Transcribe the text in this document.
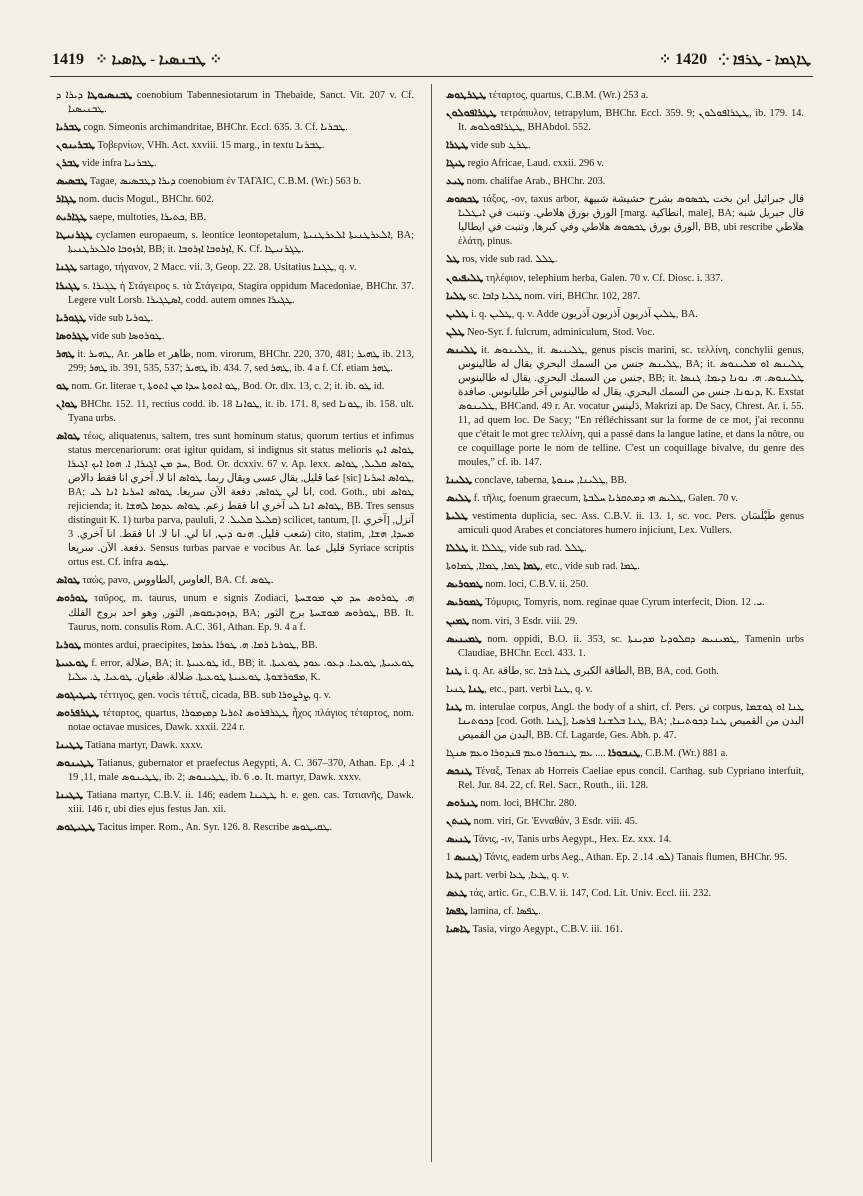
1419 ⁘ ܛܒܢܣܝܐ - ܛܐܣܝܐ ⁘	⁘ ܛܐܓܡܐ - ܛܪܦܐ ⁘   1420
ܛܒܢܣܝܘܛܐ ܕܝܪܐ ܕ coenobium Tabennesiotarum in Thebaide, Sanct. Vit. 207 v. Cf. ܛܒܢܝܣܝܐ.
ܛܒܪܝܐ cogn. Simeonis archimandritae, BHChr. Eccl. 635. 3. Cf. ܛܒܪܝܐ.
ܛܒܪܝܢܘܢ Τοβερνίων, VHh. Act. xxviii. 15 marg., in textu ܛܒܪܢܐ.
ܛܒܪܢ vide infra ܛܒܪܢܝܐ.
ܛܒܣܝܣ Tagae, ܕܝܪܐ ܕܛܒܣܝܣ coenobium ἐν ΤΑΓΑΙϹ, C.B.M. (Wr.) 563 b.
ܛܓܐܪ nom. ducis Mogul., BHChr. 602.
ܛܓܐܪܝܬ saepe, multoties, ܟܬܝܪܐ, BB.
ܛܓܪܢܝܛܐ cyclamen europaeum, s. leontice leontopetalum, ܐܠܥܪܛܢܝܬܐ ܐܠܥܪܛܢܝܬܐ, BA; ܐܪܙܘܒܐ ܘܐܠܥܪܛܢܝܬܐ, BB; it. ܐܙܪܘܒܐ ܐܙܪܘܒܐ, K. Cf. ܛܓܪܢܝܛܐ.
ܛܓܢܐ sartago, τήγανον, 2 Macc. vii. 3, Geop. 22. 28. Usitatius ܛܓܢܐ, q. v.
ܛܓܝܪܐ s. ܛܓܝܪܐ ἡ Στάγειρος s. τὰ Στάγειρα, Stagira oppidum Macedoniae, BHChr. 37. Legere vult Lorsb. ܐܣܛܓܝܪܐ, codd. autem omnes ܛܓܝܪܐ.
ܛܓܘܪܝܐ vide sub ܛܘܪܝܐ.
ܛܓܪܘܣܐ vide sub ܛܘܪܘܣܐ.
ܛܗܪ it. ܛܗܝܪ, Ar. طاهر et ظاهر, nom. virorum, BHChr. 220, 370, 481; ܛܗܝܪ ib. 213, 299; ܛܗܪ ib. 391, 535, 537; ܛܗܝܪ ib. 434. 7, sed ܛܗܪ, ib. 4 a f. Cf. etiam ܛܗܪ.
ܛܘ nom. Gr. literae τ, ܛܘ ܐܬܘܬܐ ܚܕܐ ܡܢ ܐܬܘܬܐ, Bod. Or. dlx. 13, c. 2; it. ib. ܛܘ id.
ܛܘܐܢ BHChr. 152. 11, rectius codd. ib. 18 ܛܘܐܢܐ, it. ib. 171. 8, sed ܛܘܢܐ, ib. 158. ult. Tyana urbs.
ܛܘܐܣ τέως, aliquatenus, saltem, tres sunt hominum status, quorum tertius et infimus status mercenariorum: orat igitur quidam, si indignus sit status melioris ܛܘܐܣ ܐܝܟ ܚܕ ܡܢ ܐܓܝܪܐ, ܐ. ܗܘܐ ܐܝܟ ܐܓܝܪܐ, Bod. Or. dcxxiv. 67 v. Ap. lexx. ܛܘܐܣ ܩܠܝܠ, ܛܘܐܣ عما قليل, يقال عسى ويقال ربما. ܛܘܐܣ انا لا. آخري انا فقط دالاص [sic] ܛܘܐܣ ܐܚܪܝܐ, BA; انا لي ܛܘܐܣ, دفعة الآن سريعا. ܛܘܐܣ ܐܚܪܝܐ ܐܢܐ ܠܝ, cod. Goth., ubi ܛܘܐܣ rejicienda; it. ܛܘܐܣ ܐܢܐ ܠܝ آخري انا فقط زعم. ܛܘܐܣ ܥܕܡܐ ܠܗܫܐ, BB. Tres sensus distinguit K. 1) turba parva, paululi, ܩܠܝܠ ܩܠܝܠ. 2) scilicet, tantum, [l. آخري] آنزل, شعب قليل. ܗܢܘ ܕܝܢ, انا لي. انا لا. انا فقط. انا آخري. 3) cito, statim, ܡܚܕܐ, ܗܫܐ, دفعة. الآن. سريعا. Sensus turbas parvae e vocibus Ar. قليل عما Syriace scriptis ortus est. Cf. infra ܛܘܣ.
ܛܘܐܣ ταώς, pavo, العاوس ,الطاووس, BA. Cf. ܛܘܣ.
ܛܘܪܘܣ ταῦρος, m. taurus, unum e signis Zodiaci, ܗ. ܛܘܪܘܣ ܚܕ ܡܢ ܡܘܫܚܬܐ ܕܙܘܕܝܩܘܣ, الثور, وهو احد بروج الفلك, BA; ܛܘܪܘܣ ܡܘܫܚܬܐ برج الثور, BB. It. Taurus, nom. consulis Rom. A.C. 361, Athan. Ep. 9. 4 a f.
ܛܘܪܝܐ montes ardui, praecipites, ܛܘܪܝܐ ܪܡܐ. ܗ. ܛܘܪܐ ܥܪܡܐ, BB.
ܛܘܥܝܝܬܐ f. error, ضلالة, BA; it. ܛܘܥܝܝܬܐ id., BB; it. ܛܘܥܝܝܬܐ, ܛܘܥܝܐ. ܕܥܘ. ܥܘܕ ܛܘܥܝܬܐ. ܡܦܘܪܫܘܬܐ. ܛܘܥܝܝܬܐ ܛܘܥܝܬܐ. ضلالة. طغيان. ܛܘܥܝܐ. ܛ. ܚܠܝܐ, K.
ܛܝܛܝܓܘܣ τέττιγος, gen. vocis τέττιξ, cicada, BB. sub ܨܪܨܘܪܐ, q. v.
ܛܛܪܦܪܘܣ τέταρτος, quartus, ܛܛܪܦܪܘܣ ܐܬܪܝܐ ܕܡܙܡܘܪܐ ἦχος πλάγιος τέταρτος, nom. notae octavae musices, Dawk. xxxii. 224 r.
ܛܛܝܢܐ Tatiana martyr, Dawk. xxxv.
ܛܛܝܢܘܣ Tatianus, gubernator et praefectus Aegypti, A. C. 367–370, Athan. Ep. ܐ. 4, 11, 19, male ܛܛܝܢܘܣ, ib. 2; ܛܛܝܢܘܣ, ib. ܘ. 6. It. martyr, Dawk. xxxv.
ܛܛܝܢܐ Tatiana martyr, C.B.V. ii. 146; eadem ܛܛܝܢܐ h. e. gen. cas. Τατιανῆς, Dawk. xiii. 146 r, ubi dies ejus festus Jan. xii.
ܛܛܝܛܘܣ Tacitus imper. Rom., An. Syr. 126. 8. Rescribe ܛܩܝܛܘܣ.
ܛܛܪܛܘܣ τέταρτος, quartus, C.B.M. (Wr.) 253 a.
ܛܛܪܐܦܘܠܘܢ τετράπυλον, tetrapylum, BHChr. Eccl. 359. 9; ܛܛܪܐܦܘܠܘܢ, ib. 179. 14. It. ܛܛܪܐܦܘܠܘܣ, BHAbdol. 552.
ܛܛܪܐ vide sub ܛܪܛ.
ܛܝܓܐ regio Africae, Laud. cxxii. 296 v.
ܛܝܥ nom. chalifae Arab., BHChr. 203.
ܛܟܣܘܣ τάξος, -ον, taxus arbor, قال جبرائيل ابن بخت ܛܟܣܘܣ بشرح حشيشة شبيهة الورق بورق هلاطي. وتنبت في ܐܝܛܠܝܐ [marg. انطاكية, male], BA; قال جبريل شبه الورق بورق ܛܟܣܘܣ هلاطي وفي كبرها, وتنبت في ايطاليا, BB, ubi rescribe هلاطي ἐλάτη, pinus.
ܛܠ ros, vide sub rad. ܛܠܠ.
ܛܠܝܦܝܘܢ τηλέφιον, telephium herba, Galen. 70 v. Cf. Diosc. i. 337.
ܛܠܝܐ sc. ܛܠܝܐ ܕܐܒܐ nom. viri, BHChr. 102, 287.
ܛܠܝܢ i. q. ܛܠܝܢ, q. v. Adde ܛܠܝܢ آذريون آذريون آذريون, BA.
ܛܠܢ Neo-Syr. f. fulcrum, adminiculum, Stod. Voc.
ܛܠܝܢܣ it. ܛܠܝܢܘܣ, it. ܛܠܝܢܝܣ, genus piscis marini, sc. τελλίνη, conchylii genus, ܛܠܝܢܣ جنس من السمك البحري يقال له طالينوس, BA; it. ܛܠܝܢܣ ܐܘ ܡܠܝܢܘܣ جنس من السمك البحري. يقال له طالينوس, BB; it. ܛܠܝܢܘܣ. ܗ. ܢܘܢܐ ܕܝܡܐ. ܓܢܣܐ ܕܢܘܢܐ. جنس من السمك البحري. يقال له طالينوس آخر طليانوس. صافدة, K. Exstat ܛܠܝܢܘܣ, BHCand. 49 r. Ar. vocatur دَلينس, Makrizi ap. De Sacy, Chrest. Ar. i. 55. 11, ad quem loc. De Sacy; “En réfléchissant sur la forme de ce mot, j'ai reconnu que c'était le mot grec τελλίνη, qui a passé dans la langue latine, et dans la nôtre, ou ce coquillage porte le nom de telline. C'est un coquillage bivalve, du genre des moules,” cf. ib. 147.
ܛܠܝܢܐ conclave, taberna, ܛܠܝܢܐ, ܚܢܘܬܐ, BB.
ܛܠܝܣ f. τῆλις, foenum graecum, ܛܠܝܣ ܗܝ ܕܡܬܩܪܝܐ ܚܠܒܬܐ, Galen. 70 v.
ܛܠܝܬܐ vestimenta duplicia, sec. Ass. C.B.V. ii. 13. 1, sc. voc. Pers. طَيْلَسَان genus amiculi quod Arabes et conciatores humero injiciunt, Lex. Vullers.
ܛܠܠܐ it. ܛܠܠܐ, vide sub rad. ܛܠܠ.
ܛܡܐ ܛܡܐ, ܛܡܐܐ, ܛܡܐܘܬܐ, etc., vide sub rad. ܛܡܐ.
ܛܡܘܪܝܣ nom. loci, C.B.V. ii. 250.
ܛܡܘܪܝܣ Τόμυρις, Tomyris, nom. reginae quae Cyrum interfecit, Dion. ܝ. 12.
ܛܡܝܢ nom. viri, 3 Esdr. viii. 29.
ܛܡܝܢܝܣ nom. oppidi, B.O. ii. 353, sc. ܛܡܝܢܝܣ ܕܩܠܘܕܝܐ ܡܕܝܢܬܐ, Tamenin urbs Claudiae, BHChr. Eccl. 433. 1.
ܛܢܐ i. q. Ar. طاقة, sc. الطاقة الكبرى ܛܢܐ ܪܒܐ, BB, BA, cod. Goth.
ܛܢܐ ܛܢܝܐ, etc., part. verbi ܛܢܐ, q. v.
ܛܢܐ m. interulae corpus, Angl. the body of a shirt, cf. Pers. تن corpus, ܛܢܐ ܐܘ ܓܘܫܡܐ ܕܟܘܬܝܢܐ [cod. Goth. ܛܢܐ], ܛܢܐ ܒܠܫܢܐ ܦܪܣܝܐ, BA; البدن من القميص ܛܢܐ ܕܟܘܬܝܢܐ, البدن من القميص, BB. Cf. Lagarde, Ges. Abh. p. 47.
ܛܢܒܘܪܐ .... ܥܡ ܛܢܒܘܪܐ ܘܥܡ ܦܢܕܘܪܐ ܘܥܡ ܣܢܓܐ, C.B.M. (Wr.) 881 a.
ܛܢܟܣ Τέναξ, Tenax ab Horreis Caeliae epus concil. Carthag. sub Cypriano interfuit, Rel. Jur. 84. 22, cf. Rel. Sacr., Routh., iii. 128.
ܛܢܪܘܣ nom. loci, BHChr. 280.
ܛܢܬܢ nom. viri, Gr. Ἐνναθάν, 3 Esdr. viii. 45.
ܛܢܝܣ Τάνις, -ιν, Tanis urbs Aegypt., Hex. Ez. xxx. 14.
ܛܢܝܣ 1) Τάνις, eadem urbs Aeg., Athan. Ep. ܠܘ. 14. 2) Tanais flumen, BHChr. 95.
ܛܥܐ part. verbi ܛܥܐ, ܛܥܐ, q. v.
ܛܥܣ τάς, artic. Gr., C.B.V. ii. 147, Cod. Lit. Univ. Eccl. iii. 232.
ܛܦܣܐ lamina, cf. ܛܦܣܐ.
ܛܐܣܝܐ Tasia, virgo Aegypt., C.B.V. iii. 161.
